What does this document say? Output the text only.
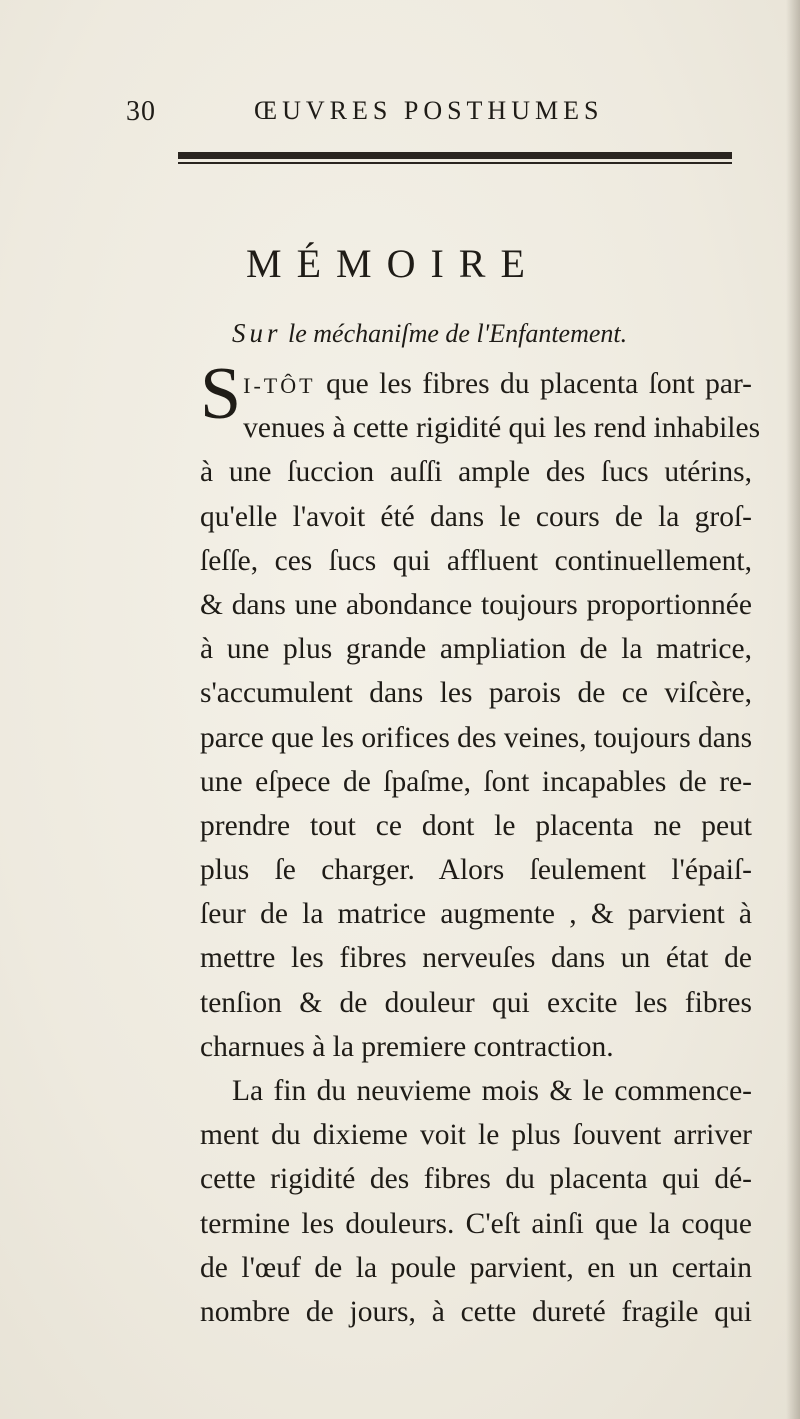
30	ŒUVRES POSTHUMES
MÉMOIRE
Sur le méchaniſme de l'Enfantement.
S I-TÔT que les fibres du placenta ſont par-
venues à cette rigidité qui les rend inhabiles
à une ſuccion auſſi ample des ſucs utérins,
qu'elle l'avoit été dans le cours de la groſ-
ſeſſe, ces ſucs qui affluent continuellement,
& dans une abondance toujours proportionnée
à une plus grande ampliation de la matrice,
s'accumulent dans les parois de ce viſcère,
parce que les orifices des veines, toujours dans
une eſpece de ſpaſme, ſont incapables de re-
prendre tout ce dont le placenta ne peut
plus ſe charger. Alors ſeulement l'épaiſ-
ſeur de la matrice augmente , & parvient à
mettre les fibres nerveuſes dans un état de
tenſion & de douleur qui excite les fibres
charnues à la premiere contraction.
La fin du neuvieme mois & le commence-
ment du dixieme voit le plus ſouvent arriver
cette rigidité des fibres du placenta qui dé-
termine les douleurs. C'eſt ainſi que la coque
de l'œuf de la poule parvient, en un certain
nombre de jours, à cette dureté fragile qui
